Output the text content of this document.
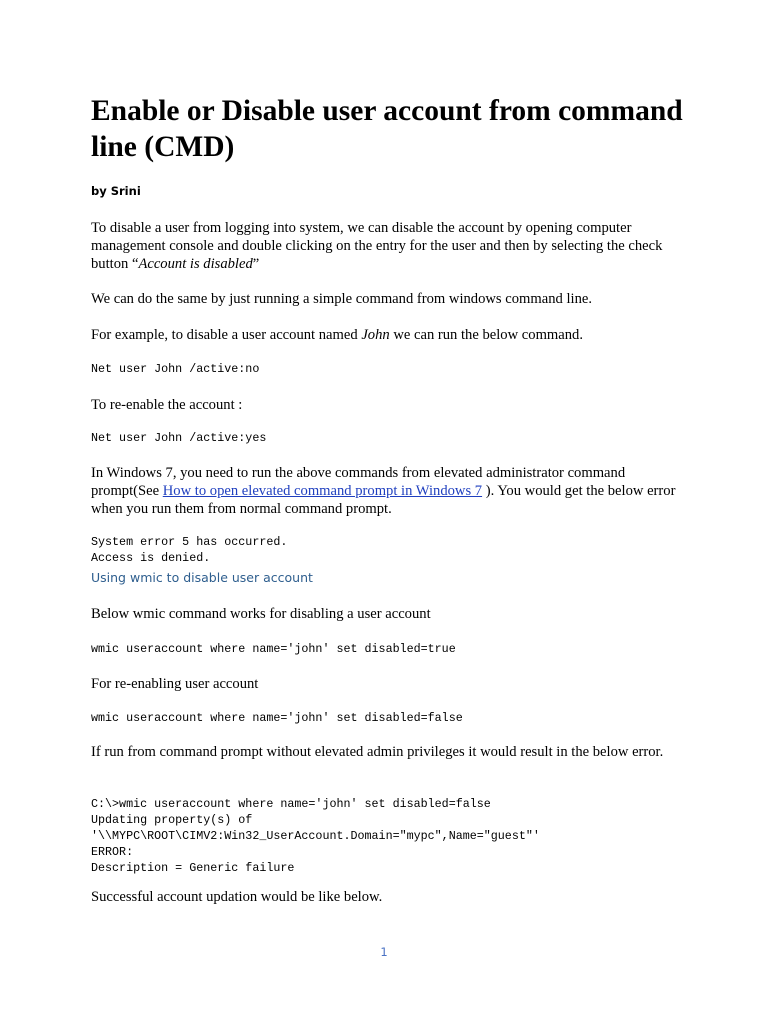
Enable or Disable user account from command line (CMD)
by Srini

To disable a user from logging into system, we can disable the account by opening computer management console and double clicking on the entry for the user and then by selecting the check button “Account is disabled”

We can do the same by just running a simple command from windows command line.

For example, to disable a user account named John we can run the below command.

Net user John /active:no

To re-enable the account :

Net user John /active:yes

In Windows 7, you need to run the above commands from elevated administrator command prompt(See How to open elevated command prompt in Windows 7 ). You would get the below error when you run them from normal command prompt.

System error 5 has occurred.
Access is denied.
Using wmic to disable user account

Below wmic command works for disabling a user account

wmic useraccount where name='john' set disabled=true

For re-enabling user account

wmic useraccount where name='john' set disabled=false

If run from command prompt without elevated admin privileges it would result in the below error.

C:\>wmic useraccount where name='john' set disabled=false
Updating property(s) of
'\\MYPC\ROOT\CIMV2:Win32_UserAccount.Domain="mypc",Name="guest"'
ERROR:
Description = Generic failure

Successful account updation would be like below.

1
